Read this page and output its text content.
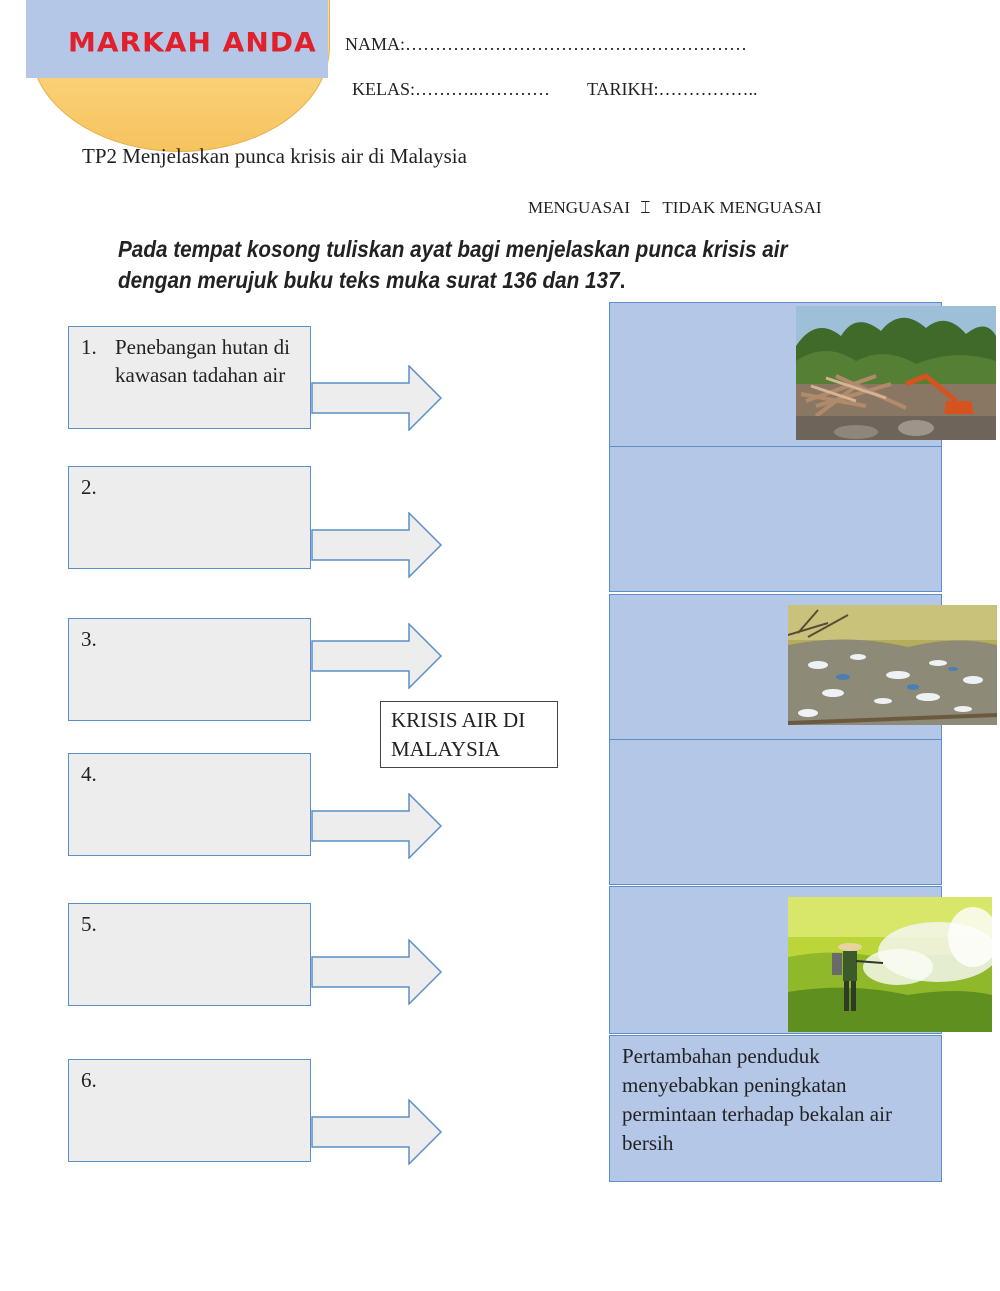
MARKAH ANDA NAMA:…………………………………………………
KELAS:………..………… TARIKH:……………..
TP2 Menjelaskan punca krisis air di Malaysia
MENGUASAI ⌶ TIDAK MENGUASAI
Pada tempat kosong tuliskan ayat bagi menjelaskan punca krisis air dengan merujuk buku teks muka surat 136 dan 137.
1. Penebangan hutan di kawasan tadahan air
2.
3.
4.
5.
6.
KRISIS AIR DI MALAYSIA
Pertambahan penduduk menyebabkan peningkatan permintaan terhadap bekalan air bersih
